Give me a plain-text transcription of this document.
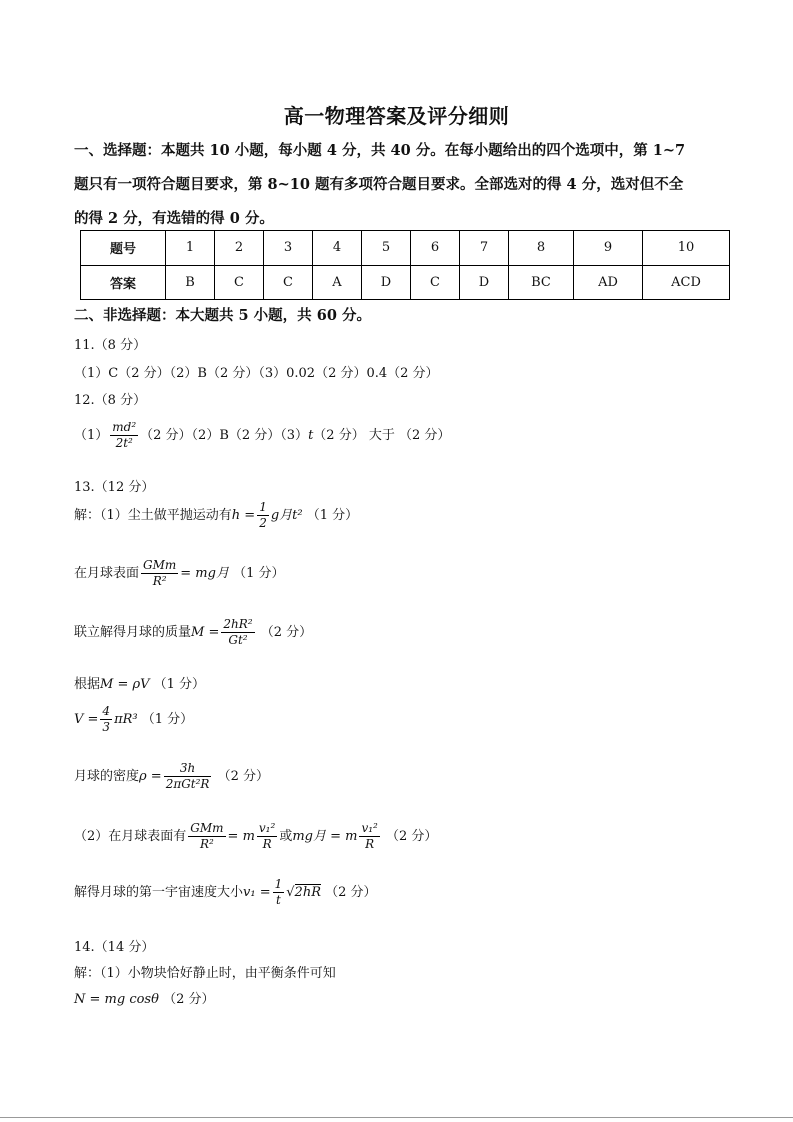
高一物理答案及评分细则
一、选择题：本题共 10 小题，每小题 4 分，共 40 分。在每小题给出的四个选项中，第 1~7
题只有一项符合题目要求，第 8~10 题有多项符合题目要求。全部选对的得 4 分，选对但不全
的得 2 分，有选错的得 0 分。
题号	1	2	3	4	5	6	7	8	9	10
答案	B	C	C	A	D	C	D	BC	AD	ACD
二、非选择题：本大题共 5 小题，共 60 分。
11.（8 分）
（1）C（2 分）（2）B（2 分）（3）0.02（2 分）0.4（2 分）
12.（8 分）
$(1) \frac{\text{md²}}{\text{2t²}} (2$ 分）（2）B（2 分）（3）t（2 分） 大于 （2 分）
13.（12 分）
解：（1）尘土做平抛运动有$h = \frac{1}{2}$ g月t² （1 分）
在月球表面 $\frac{\text{GMm}}{\text{R²}}$ = mg月 （1 分）
联立解得月球的质量$M = \frac{\text{2hR²}}{\text{Gt²}} (2$ 分）
根据M = ρV （1 分）
$V = \frac{4}{3} \pi R^3$ （1 分）
月球的密度$\rho = \frac{3h}{\text{2πGt²R}} (2$ 分）
（2）在月球表面有 $\frac{\text{GMm}}{\text{R²}} = m \frac{\text{v₁²}}{R}$ 或mg月 = m $\frac{\text{v₁²}}{R} (2$ 分）
解得月球的第一宇宙速度大小$v_1 = \frac{1}{t} √2hR$ （2 分）
14.（14 分）
解：（1）小物块恰好静止时，由平衡条件可知
N = mg cosθ （2 分）
